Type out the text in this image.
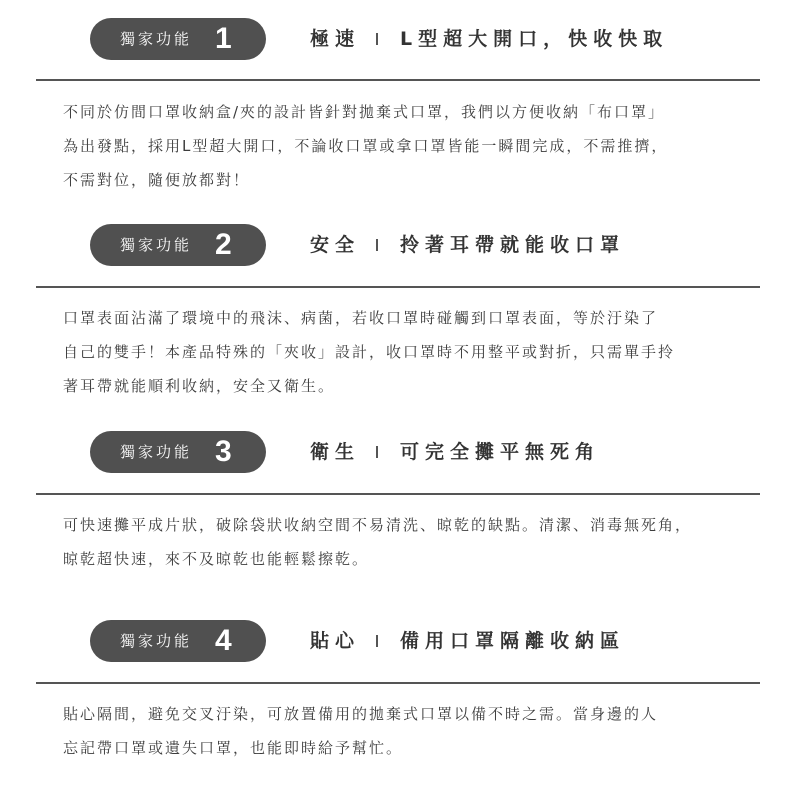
獨家功能 1	極速 L型超大開口，快收快取
不同於仿間口罩收納盒/夾的設計皆針對拋棄式口罩，我們以方便收納「布口罩」
為出發點，採用L型超大開口，不論收口罩或拿口罩皆能一瞬間完成，不需推擠，
不需對位，隨便放都對！
獨家功能 2	安全 拎著耳帶就能收口罩
口罩表面沾滿了環境中的飛沫、病菌，若收口罩時碰觸到口罩表面，等於汙染了
自己的雙手！本產品特殊的「夾收」設計，收口罩時不用整平或對折，只需單手拎
著耳帶就能順利收納，安全又衛生。
獨家功能 3	衛生 可完全攤平無死角
可快速攤平成片狀，破除袋狀收納空間不易清洗、晾乾的缺點。清潔、消毒無死角，
晾乾超快速，來不及晾乾也能輕鬆擦乾。
獨家功能 4	貼心 備用口罩隔離收納區
貼心隔間，避免交叉汙染，可放置備用的拋棄式口罩以備不時之需。當身邊的人
忘記帶口罩或遺失口罩，也能即時給予幫忙。
